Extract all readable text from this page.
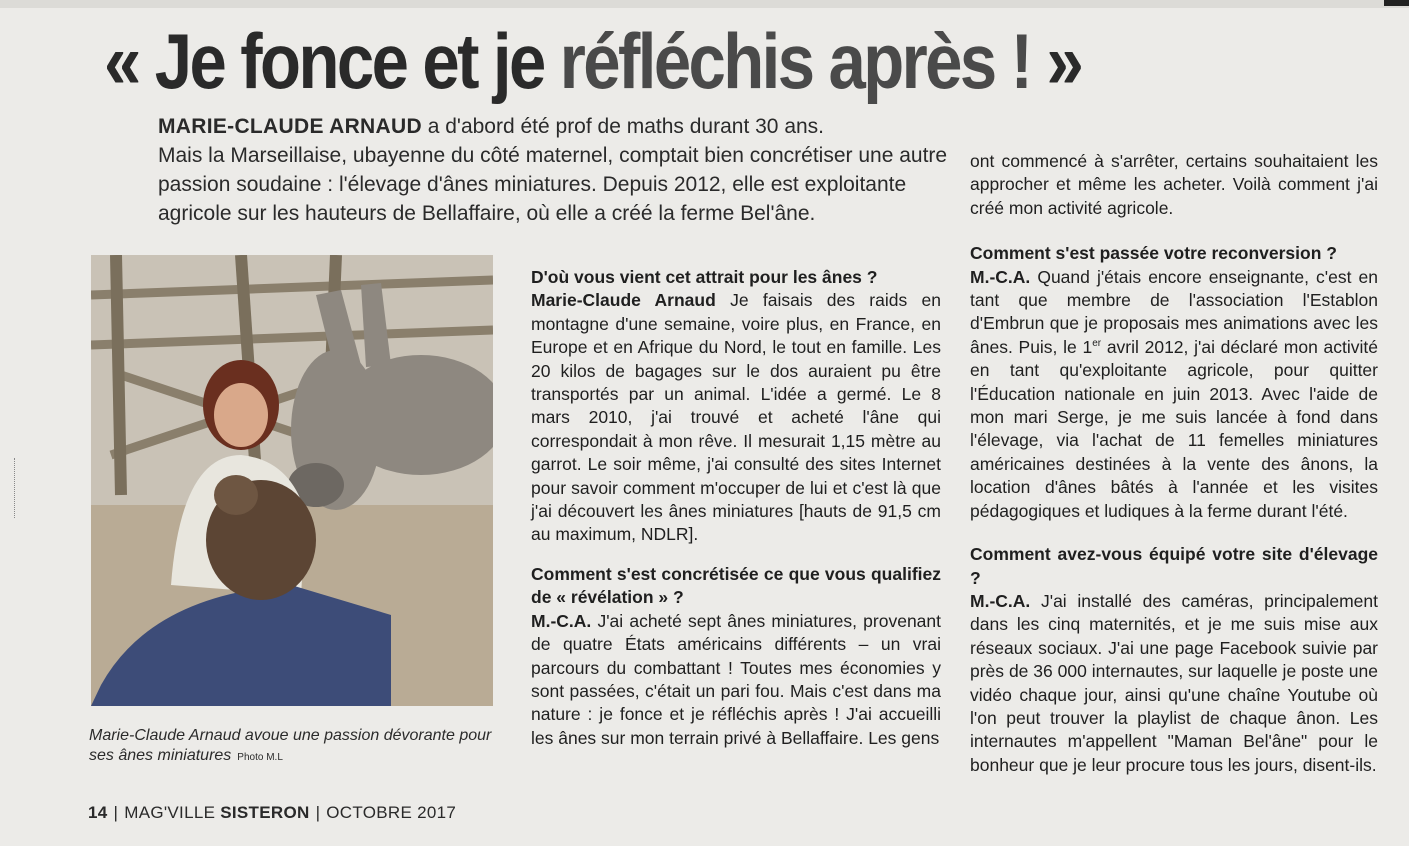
« Je fonce et je réfléchis après ! »
MARIE-CLAUDE ARNAUD a d'abord été prof de maths durant 30 ans.
Mais la Marseillaise, ubayenne du côté maternel, comptait bien concrétiser une autre passion soudaine : l'élevage d'ânes miniatures. Depuis 2012, elle est exploitante agricole sur les hauteurs de Bellaffaire, où elle a créé la ferme Bel'âne.
Marie-Claude Arnaud avoue une passion dévorante pour ses ânes miniatures Photo M.L
D'où vous vient cet attrait pour les ânes ?

Marie-Claude Arnaud Je faisais des raids en montagne d'une semaine, voire plus, en France, en Europe et en Afrique du Nord, le tout en famille. Les 20 kilos de bagages sur le dos auraient pu être transportés par un animal. L'idée a germé. Le 8 mars 2010, j'ai trouvé et acheté l'âne qui correspondait à mon rêve. Il mesurait 1,15 mètre au garrot. Le soir même, j'ai consulté des sites Internet pour savoir comment m'occuper de lui et c'est là que j'ai découvert les ânes miniatures [hauts de 91,5 cm au maximum, NDLR].

Comment s'est concrétisée ce que vous qualifiez de « révélation » ?

M.-C.A. J'ai acheté sept ânes miniatures, provenant de quatre États américains différents – un vrai parcours du combattant ! Toutes mes économies y sont passées, c'était un pari fou. Mais c'est dans ma nature : je fonce et je réfléchis après ! J'ai accueilli les ânes sur mon terrain privé à Bellaffaire. Les gens

ont commencé à s'arrêter, certains souhaitaient les approcher et même les acheter. Voilà comment j'ai créé mon activité agricole.

Comment s'est passée votre reconversion ?

M.-C.A. Quand j'étais encore enseignante, c'est en tant que membre de l'association l'Establon d'Embrun que je proposais mes animations avec les ânes. Puis, le 1er avril 2012, j'ai déclaré mon activité en tant qu'exploitante agricole, pour quitter l'Éducation nationale en juin 2013. Avec l'aide de mon mari Serge, je me suis lancée à fond dans l'élevage, via l'achat de 11 femelles miniatures américaines destinées à la vente des ânons, la location d'ânes bâtés à l'année et les visites pédagogiques et ludiques à la ferme durant l'été.

Comment avez-vous équipé votre site d'élevage ?

M.-C.A. J'ai installé des caméras, principalement dans les cinq maternités, et je me suis mise aux réseaux sociaux. J'ai une page Facebook suivie par près de 36 000 internautes, sur laquelle je poste une vidéo chaque jour, ainsi qu'une chaîne Youtube où l'on peut trouver la playlist de chaque ânon. Les internautes m'appellent "Maman Bel'âne" pour le bonheur que je leur procure tous les jours, disent-ils.

14 | MAG'VILLE SISTERON | OCTOBRE 2017
